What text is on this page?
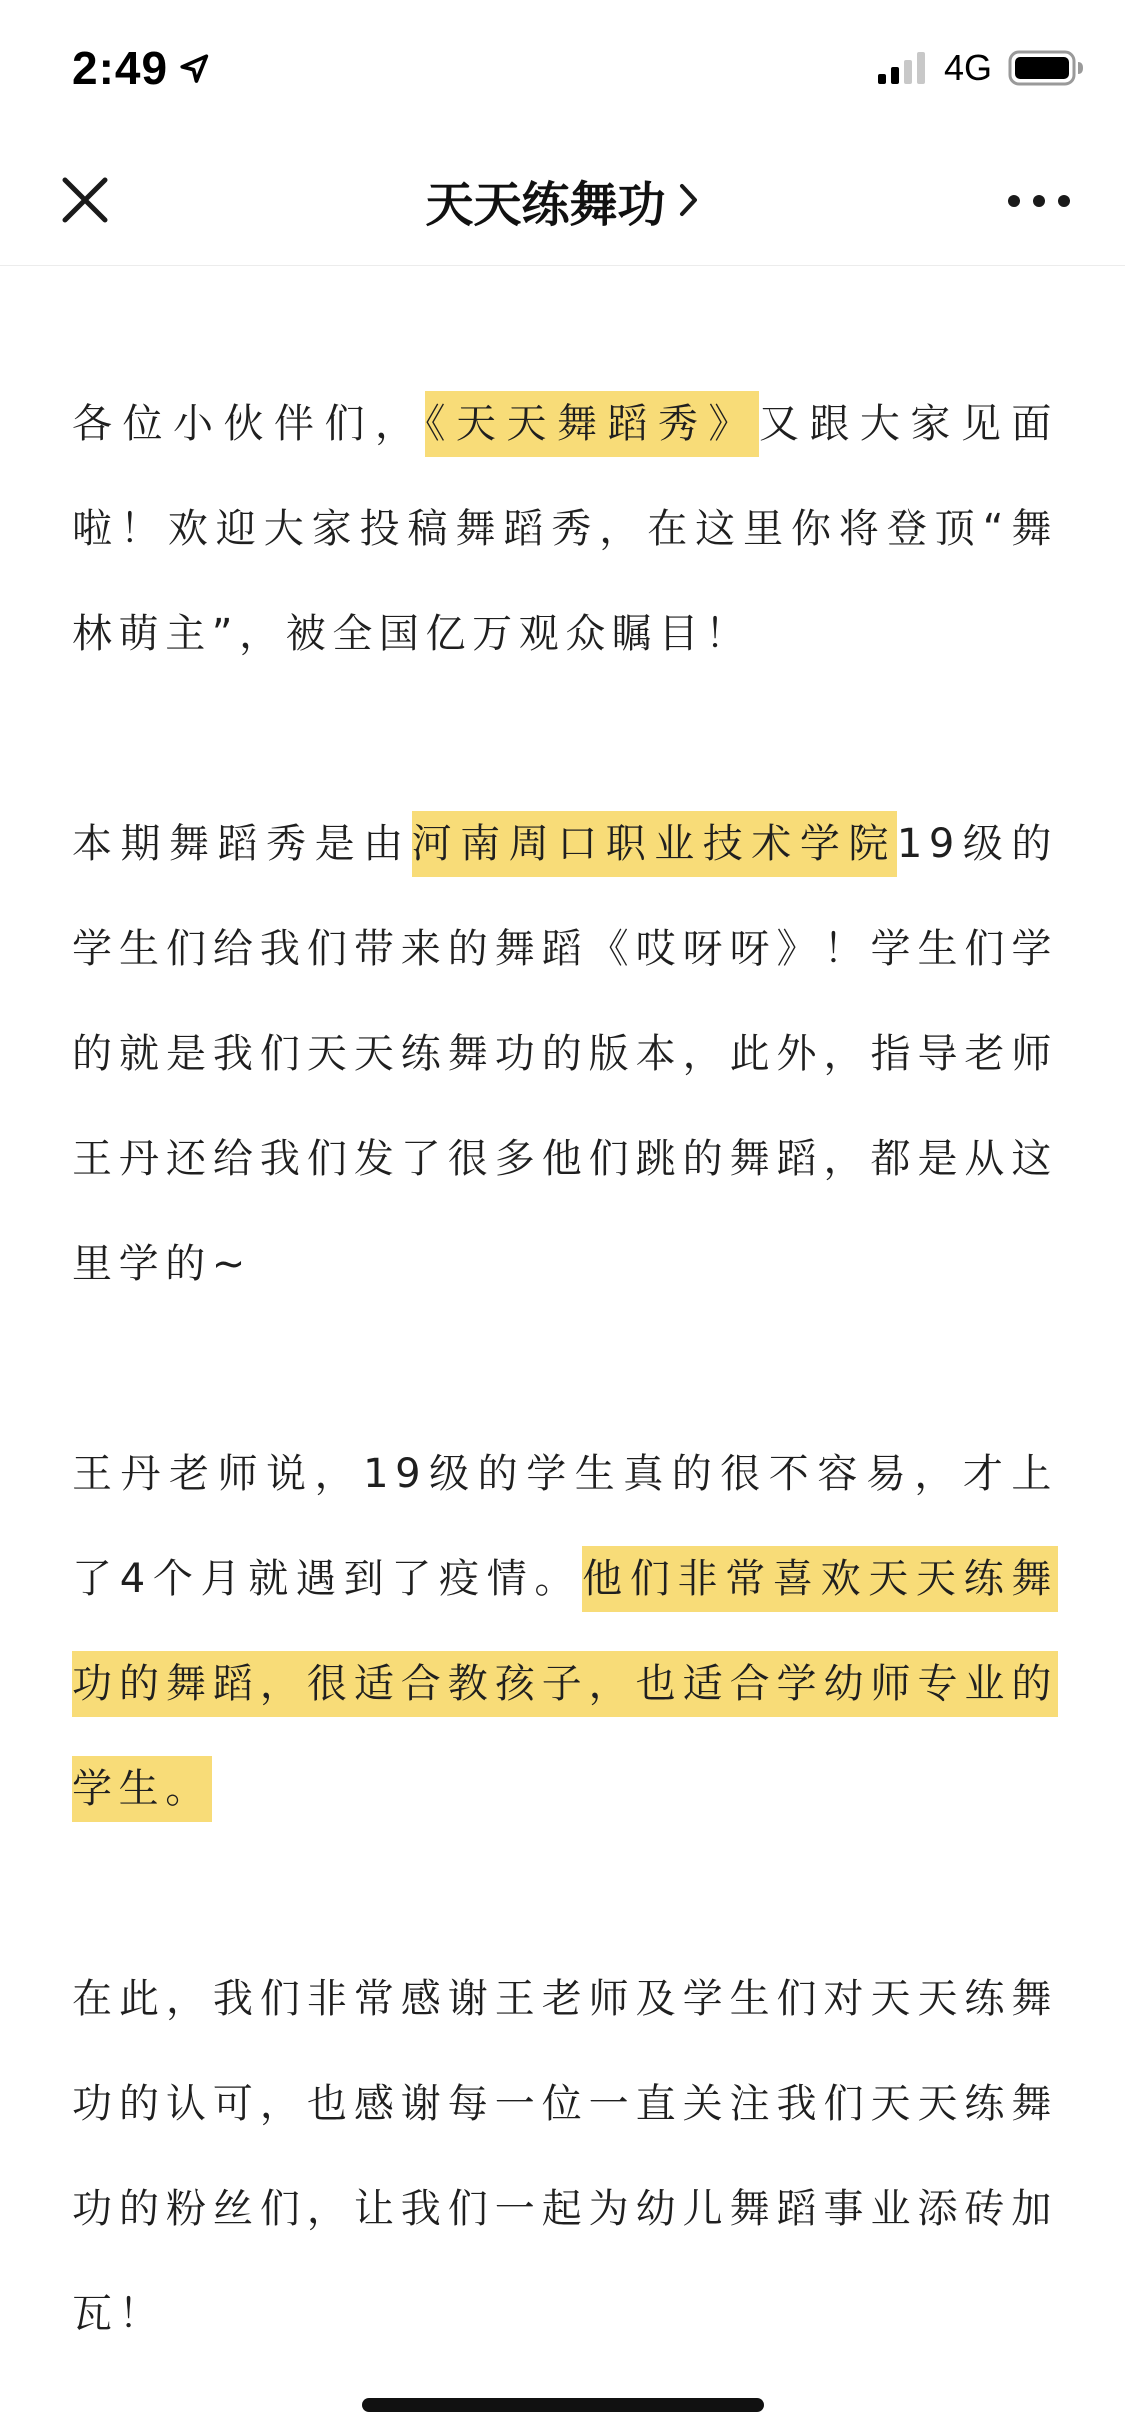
2:49	4G
天天练舞功

各位小伙伴们，《天天舞蹈秀》又跟大家见面啦！欢迎大家投稿舞蹈秀，在这里你将登顶“舞林萌主”，被全国亿万观众瞩目！

本期舞蹈秀是由河南周口职业技术学院19级的学生们给我们带来的舞蹈《哎呀呀》！学生们学的就是我们天天练舞功的版本，此外，指导老师王丹还给我们发了很多他们跳的舞蹈，都是从这里学的~

王丹老师说，19级的学生真的很不容易，才上了4个月就遇到了疫情。他们非常喜欢天天练舞功的舞蹈，很适合教孩子，也适合学幼师专业的学生。

在此，我们非常感谢王老师及学生们对天天练舞功的认可，也感谢每一位一直关注我们天天练舞功的粉丝们，让我们一起为幼儿舞蹈事业添砖加瓦！
